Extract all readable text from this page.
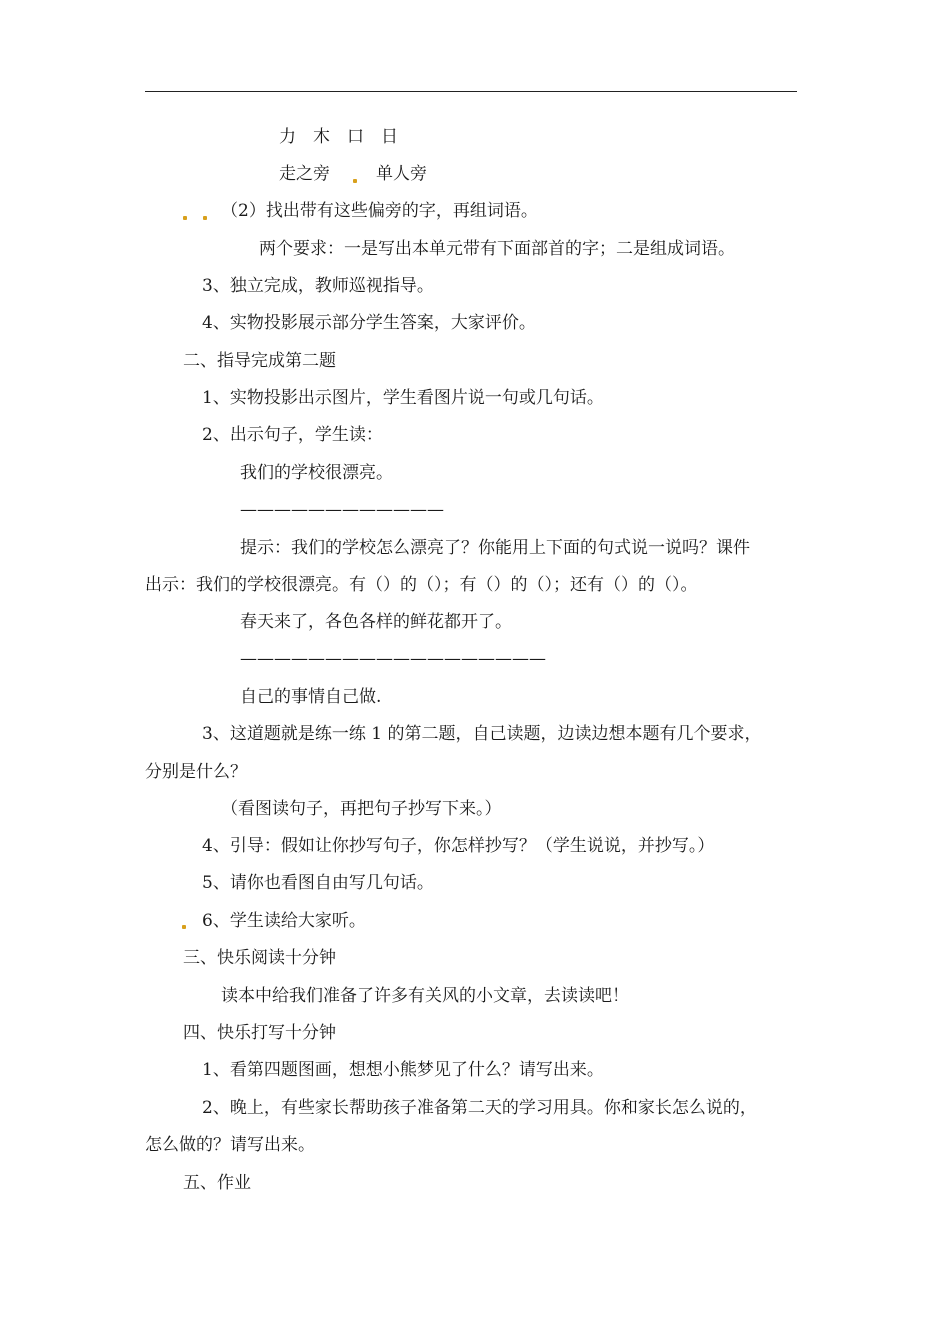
力　木　口　日
走之旁	单人旁
（2）找出带有这些偏旁的字，再组词语。
两个要求：一是写出本单元带有下面部首的字；二是组成词语。
3、独立完成，教师巡视指导。
4、实物投影展示部分学生答案，大家评价。
二、指导完成第二题
1、实物投影出示图片，学生看图片说一句或几句话。
2、出示句子，学生读：
我们的学校很漂亮。
————————————
提示：我们的学校怎么漂亮了？你能用上下面的句式说一说吗？课件
出示：我们的学校很漂亮。有（）的（）；有（）的（）；还有（）的（）。
春天来了，各色各样的鲜花都开了。
——————————————————
自己的事情自己做.
3、这道题就是练一练 1 的第二题，自己读题，边读边想本题有几个要求，
分别是什么？
（看图读句子，再把句子抄写下来。）
4、引导：假如让你抄写句子，你怎样抄写？（学生说说，并抄写。）
5、请你也看图自由写几句话。
6、学生读给大家听。
三、快乐阅读十分钟
读本中给我们准备了许多有关风的小文章，去读读吧！
四、快乐打写十分钟
1、看第四题图画，想想小熊梦见了什么？请写出来。
2、晚上，有些家长帮助孩子准备第二天的学习用具。你和家长怎么说的，
怎么做的？请写出来。
五、作业
